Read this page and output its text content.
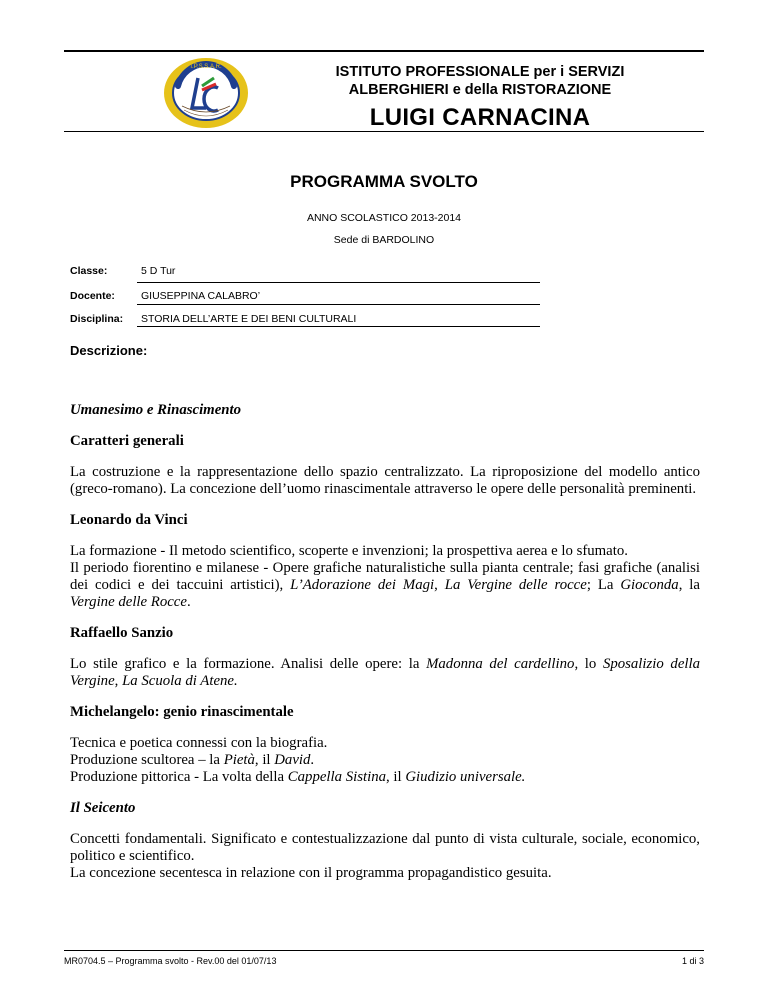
I.P.S.S.A.R.	ISTITUTO PROFESSIONALE per i SERVIZI
ALBERGHIERI e della RISTORAZIONE
LUIGI CARNACINA
PROGRAMMA SVOLTO
ANNO SCOLASTICO 2013-2014
Sede di BARDOLINO
Classe:	5 D Tur
Docente: GIUSEPPINA CALABRO’
Disciplina: STORIA DELL’ARTE E DEI BENI CULTURALI
Descrizione:
Umanesimo e Rinascimento
Caratteri generali

La costruzione e la rappresentazione dello spazio centralizzato. La riproposizione del modello antico (greco-romano). La concezione dell’uomo rinascimentale attraverso le opere delle personalità preminenti.

Leonardo da Vinci

La formazione - Il metodo scientifico, scoperte e invenzioni; la prospettiva aerea e lo sfumato.
Il periodo fiorentino e milanese - Opere grafiche naturalistiche sulla pianta centrale; fasi grafiche (analisi dei codici e dei taccuini artistici), L’Adorazione dei Magi, La Vergine delle rocce; La Gioconda, la Vergine delle Rocce.

Raffaello Sanzio

Lo stile grafico e la formazione. Analisi delle opere: la Madonna del cardellino, lo Sposalizio della Vergine, La Scuola di Atene.

Michelangelo: genio rinascimentale

Tecnica e poetica connessi con la biografia.
Produzione scultorea – la Pietà, il David.
Produzione pittorica - La volta della Cappella Sistina, il Giudizio universale.

Il Seicento

Concetti fondamentali. Significato e contestualizzazione dal punto di vista culturale, sociale, economico, politico e scientifico.
La concezione secentesca in relazione con il programma propagandistico gesuita.

MR0704.5 – Programma svolto - Rev.00 del 01/07/13	1 di 3
